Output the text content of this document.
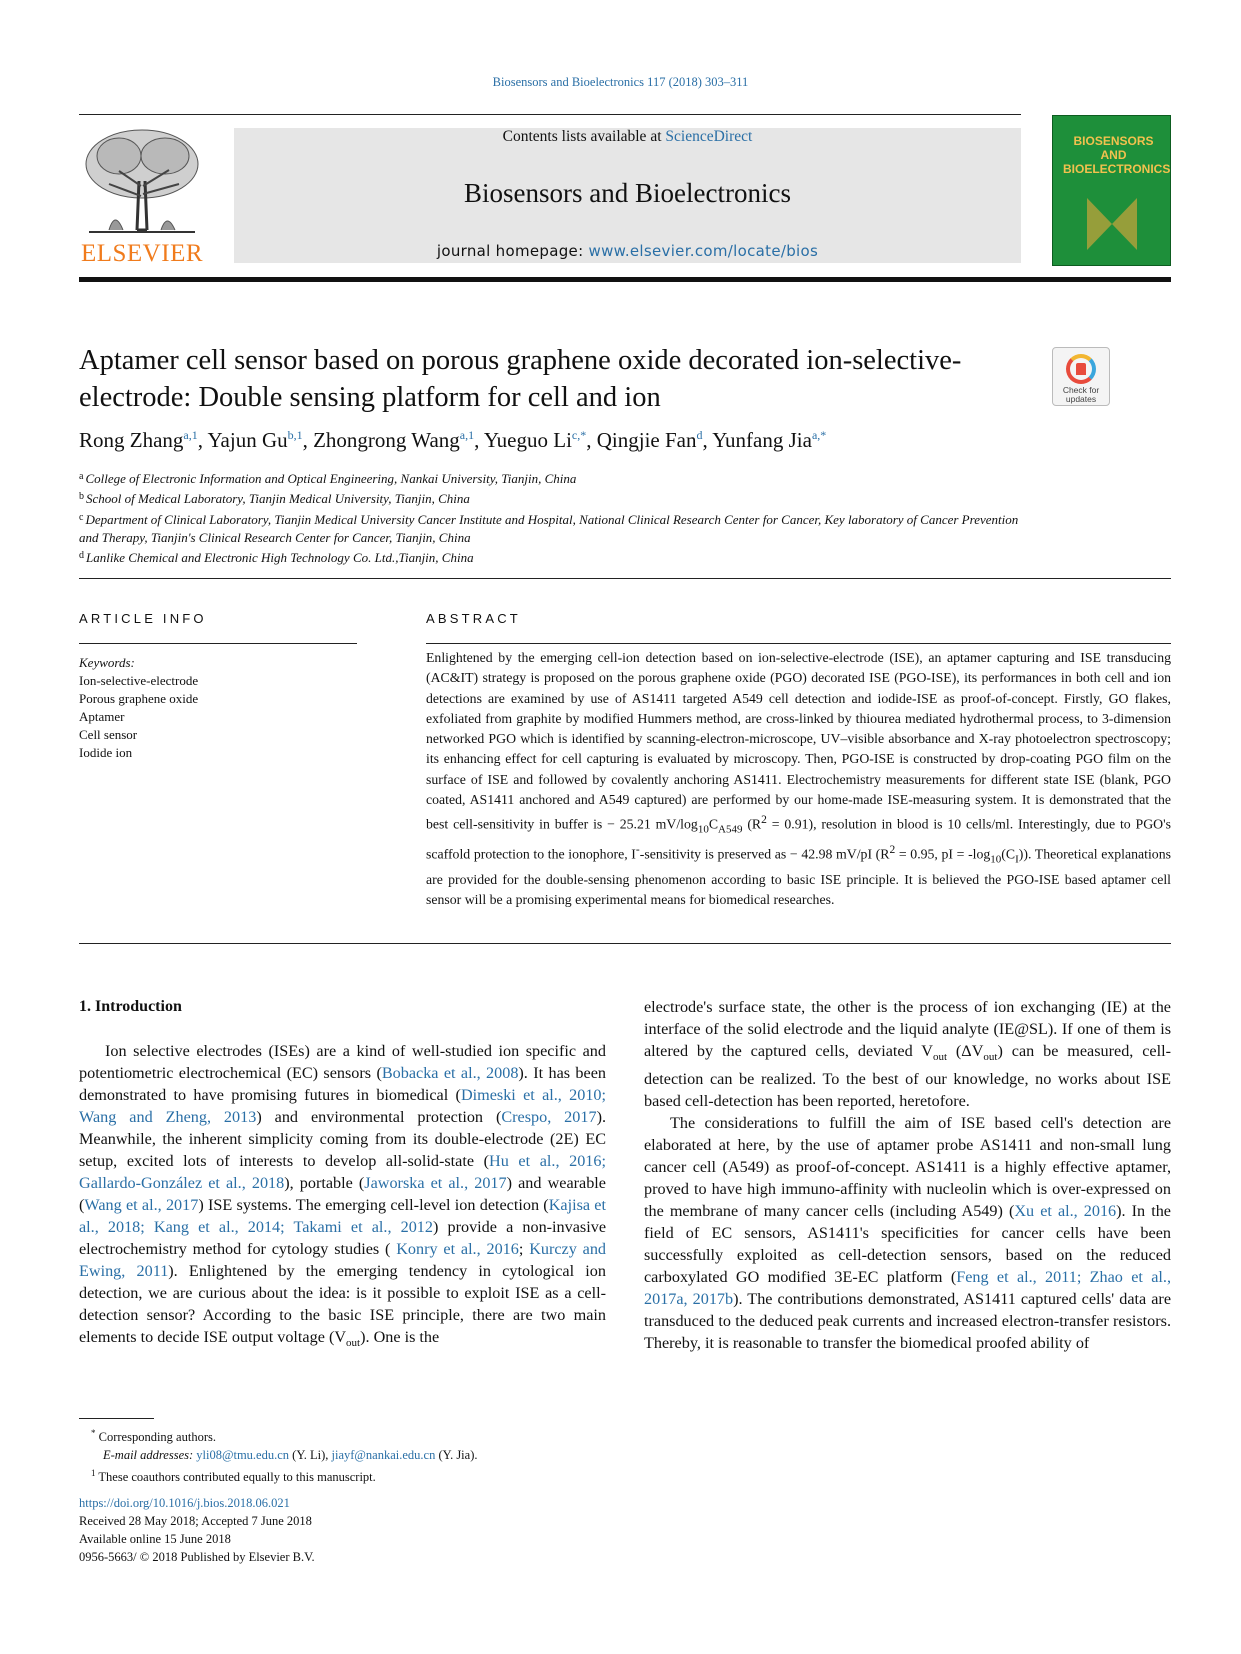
Biosensors and Bioelectronics 117 (2018) 303–311
ELSEVIER
Contents lists available at ScienceDirect
Biosensors and Bioelectronics
journal homepage: www.elsevier.com/locate/bios
BIOSENSORS
AND
BIOELECTRONICS
Aptamer cell sensor based on porous graphene oxide decorated ion-selective-electrode: Double sensing platform for cell and ion	Check for updates
Rong Zhang$^{a,1}$, Yajun Gu$^{b,1}$, Zhongrong Wang$^{a,1}$, Yueguo $Li^{c,*}$, Qingjie Fan$^d$, Yunfang Jia$^{a,*}$
$^a$ College of Electronic Information and Optical Engineering, Nankai University, Tianjin, China
$^b$ School of Medical Laboratory, Tianjin Medical University, Tianjin, China
$^c$ Department of Clinical Laboratory, Tianjin Medical University Cancer Institute and Hospital, National Clinical Research Center for Cancer, Key laboratory of Cancer Prevention and Therapy, Tianjin's Clinical Research Center for Cancer, Tianjin, China
$^d$ Lanlike Chemical and Electronic High Technology Co. Ltd.,Tianjin, China
ARTICLE INFO	ABSTRACT
Keywords:
Ion-selective-electrode
Porous graphene oxide
Aptamer
Cell sensor
Iodide ion
Enlightened by the emerging cell-ion detection based on ion-selective-electrode (ISE), an aptamer capturing and ISE transducing (AC&IT) strategy is proposed on the porous graphene oxide (PGO) decorated ISE (PGO-ISE), its performances in both cell and ion detections are examined by use of AS1411 targeted A549 cell detection and iodide-ISE as proof-of-concept. Firstly, GO flakes, exfoliated from graphite by modified Hummers method, are cross-linked by thiourea mediated hydrothermal process, to 3-dimension networked PGO which is identified by scanning-electron-microscope, UV–visible absorbance and X-ray photoelectron spectroscopy; its enhancing effect for cell capturing is evaluated by microscopy. Then, PGO-ISE is constructed by drop-coating PGO film on the surface of ISE and followed by covalently anchoring AS1411. Electrochemistry measurements for different state ISE (blank, PGO coated, AS1411 anchored and A549 captured) are performed by our home-made ISE-measuring system. It is demonstrated that the best cell-sensitivity in buffer is − 25.21 $mV/\log_{10}C_{A549}$ $(R^2 = 0.91)$, resolution in blood is 10 cells/ml. Interestingly, due to PGO's scaffold protection to the ionophore, I--sensitivity is preserved as − 42.98 mV/pI ($R^2 = 0.95$, pI = $-\log_{10}(C_I)$). Theoretical explanations are provided for the double-sensing phenomenon according to basic ISE principle. It is believed the PGO-ISE based aptamer cell sensor will be a promising experimental means for biomedical researches.
1. Introduction

Ion selective electrodes (ISEs) are a kind of well-studied ion specific and potentiometric electrochemical (EC) sensors (Bobacka et al., 2008). It has been demonstrated to have promising futures in biomedical (Dimeski et al., 2010; Wang and Zheng, 2013) and environmental protection (Crespo, 2017). Meanwhile, the inherent simplicity coming from its double-electrode (2E) EC setup, excited lots of interests to develop all-solid-state (Hu et al., 2016; Gallardo-González et al., 2018), portable (Jaworska et al., 2017) and wearable (Wang et al., 2017) ISE systems. The emerging cell-level ion detection (Kajisa et al., 2018; Kang et al., 2014; Takami et al., 2012) provide a non-invasive electrochemistry method for cytology studies ( Konry et al., 2016; Kurczy and Ewing, 2011). Enlightened by the emerging tendency in cytological ion detection, we are curious about the idea: is it possible to exploit ISE as a cell-detection sensor? According to the basic ISE principle, there are two main elements to decide ISE output voltage $(V_{out})$. One is the

electrode's surface state, the other is the process of ion exchanging (IE) at the interface of the solid electrode and the liquid analyte (IE@SL). If one of them is altered by the captured cells, deviated $V_{out}$ $(\Delta V_{out})$ can be measured, cell-detection can be realized. To the best of our knowledge, no works about ISE based cell-detection has been reported, heretofore.

The considerations to fulfill the aim of ISE based cell's detection are elaborated at here, by the use of aptamer probe AS1411 and non-small lung cancer cell (A549) as proof-of-concept. AS1411 is a highly effective aptamer, proved to have high immuno-affinity with nucleolin which is over-expressed on the membrane of many cancer cells (including A549) (Xu et al., 2016). In the field of EC sensors, AS1411's specificities for cancer cells have been successfully exploited as cell-detection sensors, based on the reduced carboxylated GO modified 3E-EC platform (Feng et al., 2011; Zhao et al., 2017a, 2017b). The contributions demonstrated, AS1411 captured cells' data are transduced to the deduced peak currents and increased electron-transfer resistors. Thereby, it is reasonable to transfer the biomedical proofed ability of

* Corresponding authors.
E-mail addresses: yli08@tmu.edu.cn (Y. Li), jiayf@nankai.edu.cn (Y. Jia).
$^1$ These coauthors contributed equally to this manuscript.
https://doi.org/10.1016/j.bios.2018.06.021
Received 28 May 2018; Accepted 7 June 2018
Available online 15 June 2018
0956-5663/ © 2018 Published by Elsevier B.V.
